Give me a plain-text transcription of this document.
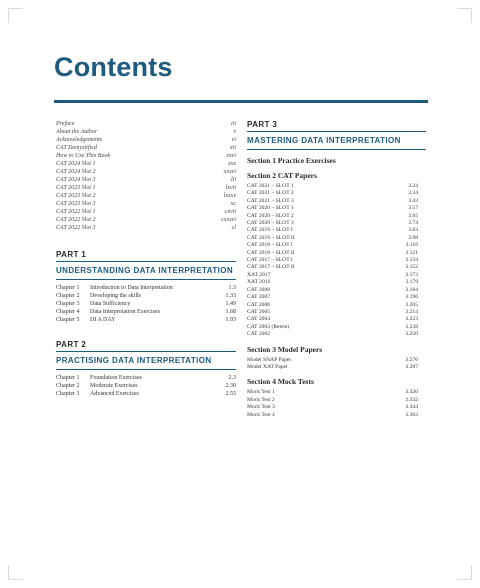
Contents
Preface	iii
About the Author	v
Acknowledgements	vi
CAT Demystified	xii
How to Use This Book	xxvi
CAT 2024 Slot 1	xxx
CAT 2024 Slot 2	xxxvi
CAT 2024 Slot 3	lii
CAT 2023 Slot 1	lxvii
CAT 2023 Slot 2	lxxxv
CAT 2023 Slot 3	xc
CAT 2022 Slot 1	cxvii
CAT 2022 Slot 2	cxxxvi
CAT 2022 Slot 3	cl
PART 1
UNDERSTANDING DATA INTERPRETATION
Chapter 1	Introduction to Data Interpretation	1.3
Chapter 2	Developing the skills	1.33
Chapter 3	Data Sufficiency	1.49
Chapter 4	Data Interpretation Exercises	1.68
Chapter 5	DI A DAY	1.93
PART 2
PRACTISING DATA INTERPRETATION
Chapter 1	Foundation Exercises	2.3
Chapter 2	Moderate Exercises	2.30
Chapter 3	Advanced Exercises	2.55
PART 3
MASTERING DATA INTERPRETATION
Section 1 Practice Exercises
Section 2 CAT Papers
CAT 2021 – SLOT 1	3.24
CAT 2021 – SLOT 2	3.34
CAT 2021 – SLOT 3	3.43
CAT 2020 – SLOT 1	3.57
CAT 2020 – SLOT 2	3.65
CAT 2020 – SLOT 3	3.74
CAT 2019 – SLOT I	3.83
CAT 2019 – SLOT II	3.98
CAT 2018 – SLOT I	3.116
CAT 2018 – SLOT II	3.121
CAT 2017 – SLOT I	3.134
CAT 2017 – SLOT II	3.152
XAT 2017	3.173
XAT 2016	3.179
CAT 2008	3.184
CAT 2007	3.196
CAT 2006	3.205
CAT 2005	3.214
CAT 2004	3.223
CAT 2003 (Retest)	3.238
CAT 2002	3.250
Section 3 Model Papers
Model SNAP Paper	3.276
Model XAT Paper	3.287
Section 4 Mock Tests
Mock Test 1	3.320
Mock Test 2	3.332
Mock Test 3	3.344
Mock Test 4	3.363
